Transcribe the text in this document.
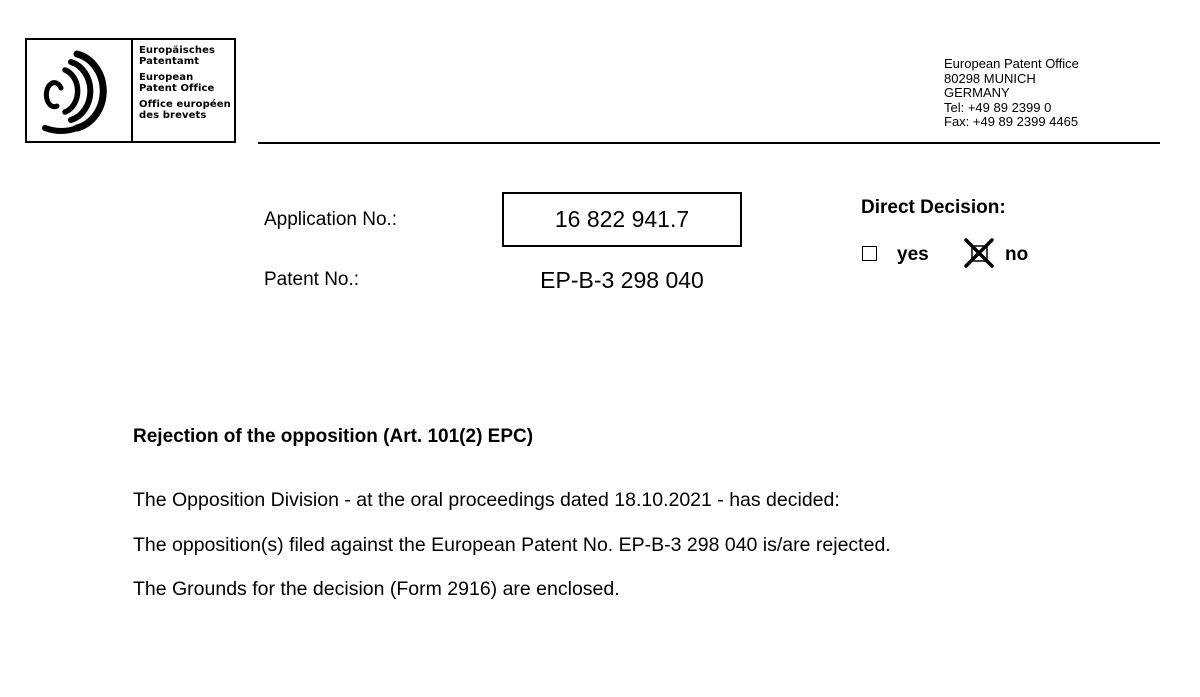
Europäisches
Patentamt
European
Patent Office
Office européen
des brevets
European Patent Office
80298 MUNICH
GERMANY
Tel: +49 89 2399 0
Fax: +49 89 2399 4465
Application No.:	16 822 941.7
Patent No.:	EP-B-3 298 040
Direct Decision:
yes	no
Rejection of the opposition (Art. 101(2) EPC)
The Opposition Division - at the oral proceedings dated 18.10.2021 - has decided:
The opposition(s) filed against the European Patent No. EP-B-3 298 040 is/are rejected.
The Grounds for the decision (Form 2916) are enclosed.
